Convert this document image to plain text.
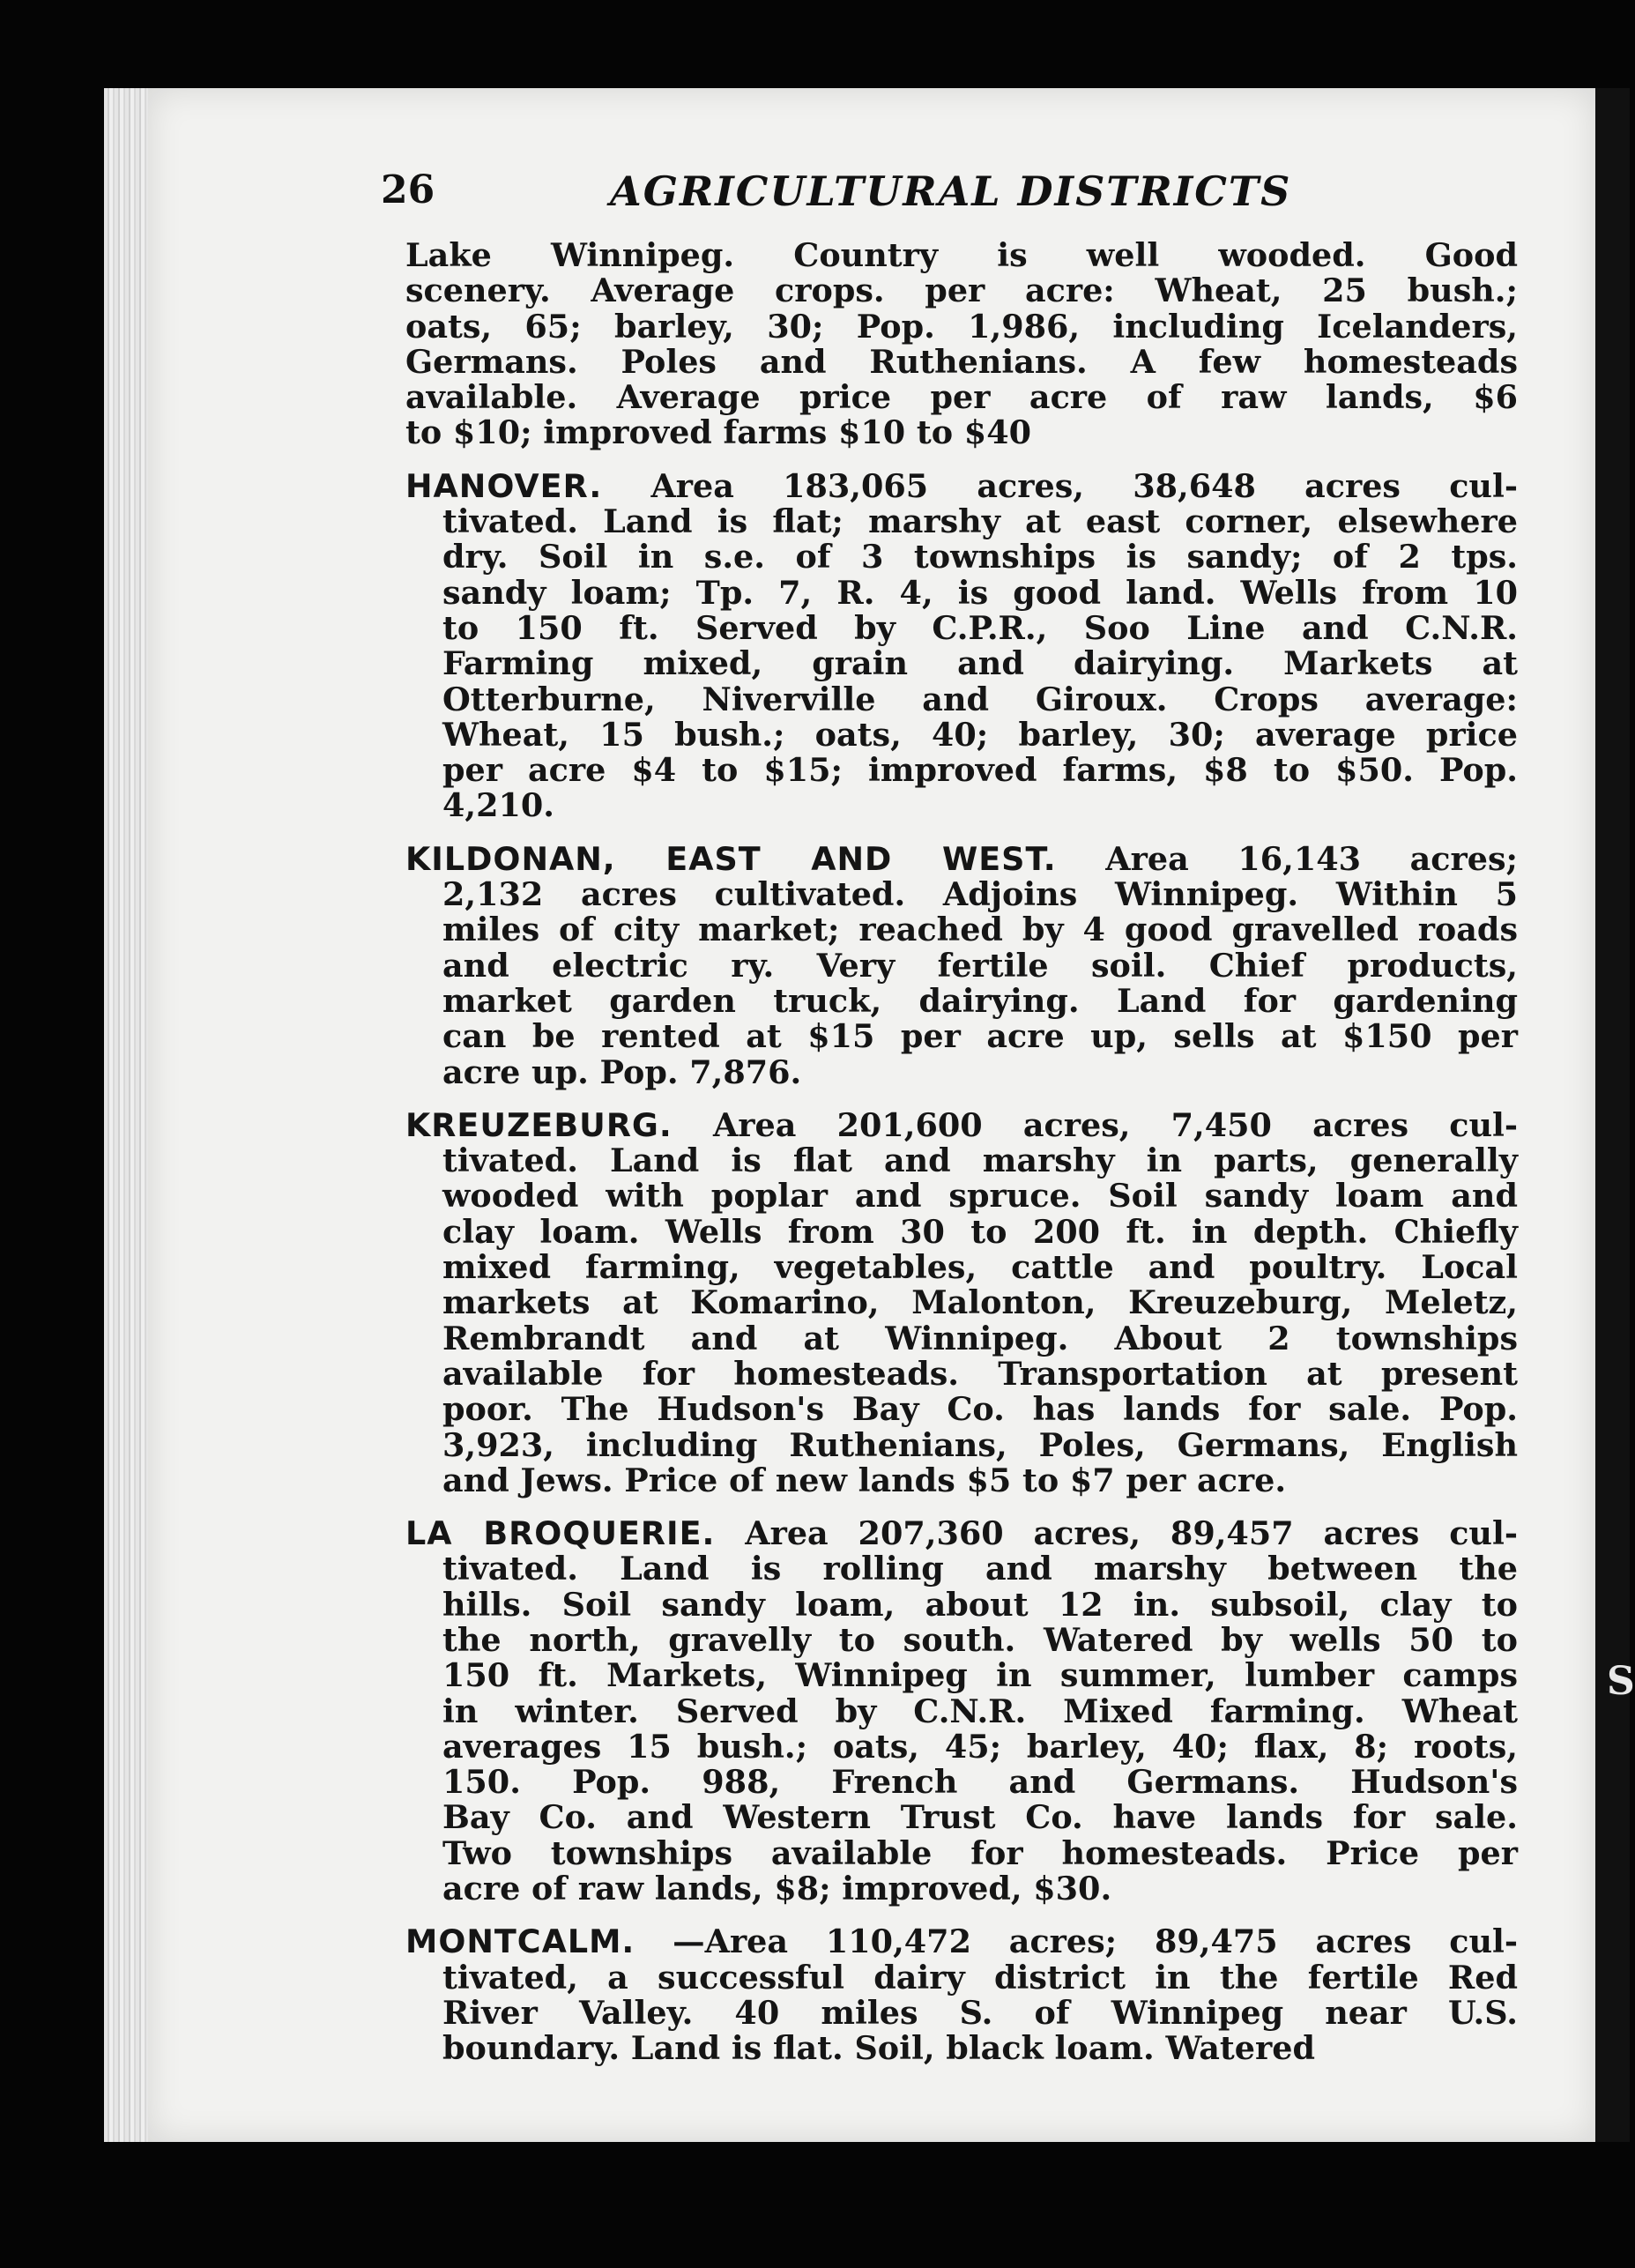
S
26	AGRICULTURAL DISTRICTS
Lake Winnipeg. Country is well wooded. Good
scenery. Average crops. per acre: Wheat, 25 bush.;
oats, 65; barley, 30; Pop. 1,986, including Icelanders,
Germans. Poles and Ruthenians. A few homesteads
available. Average price per acre of raw lands, $6
to $10; improved farms $10 to $40
HANOVER. Area 183,065 acres, 38,648 acres cul-
tivated. Land is flat; marshy at east corner, elsewhere
dry. Soil in s.e. of 3 townships is sandy; of 2 tps.
sandy loam; Tp. 7, R. 4, is good land. Wells from 10
to 150 ft. Served by C.P.R., Soo Line and C.N.R.
Farming mixed, grain and dairying. Markets at
Otterburne, Niverville and Giroux. Crops average:
Wheat, 15 bush.; oats, 40; barley, 30; average price
per acre $4 to $15; improved farms, $8 to $50. Pop.
4,210.
KILDONAN, EAST AND WEST. Area 16,143 acres;
2,132 acres cultivated. Adjoins Winnipeg. Within 5
miles of city market; reached by 4 good gravelled roads
and electric ry. Very fertile soil. Chief products,
market garden truck, dairying. Land for gardening
can be rented at $15 per acre up, sells at $150 per
acre up. Pop. 7,876.
KREUZEBURG. Area 201,600 acres, 7,450 acres cul-
tivated. Land is flat and marshy in parts, generally
wooded with poplar and spruce. Soil sandy loam and
clay loam. Wells from 30 to 200 ft. in depth. Chiefly
mixed farming, vegetables, cattle and poultry. Local
markets at Komarino, Malonton, Kreuzeburg, Meletz,
Rembrandt and at Winnipeg. About 2 townships
available for homesteads. Transportation at present
poor. The Hudson's Bay Co. has lands for sale. Pop.
3,923, including Ruthenians, Poles, Germans, English
and Jews. Price of new lands $5 to $7 per acre.
LA BROQUERIE. Area 207,360 acres, 89,457 acres cul-
tivated. Land is rolling and marshy between the
hills. Soil sandy loam, about 12 in. subsoil, clay to
the north, gravelly to south. Watered by wells 50 to
150 ft. Markets, Winnipeg in summer, lumber camps
in winter. Served by C.N.R. Mixed farming. Wheat
averages 15 bush.; oats, 45; barley, 40; flax, 8; roots,
150. Pop. 988, French and Germans. Hudson's
Bay Co. and Western Trust Co. have lands for sale.
Two townships available for homesteads. Price per
acre of raw lands, $8; improved, $30.
MONTCALM. —Area 110,472 acres; 89,475 acres cul-
tivated, a successful dairy district in the fertile Red
River Valley. 40 miles S. of Winnipeg near U.S.
boundary. Land is flat. Soil, black loam. Watered
